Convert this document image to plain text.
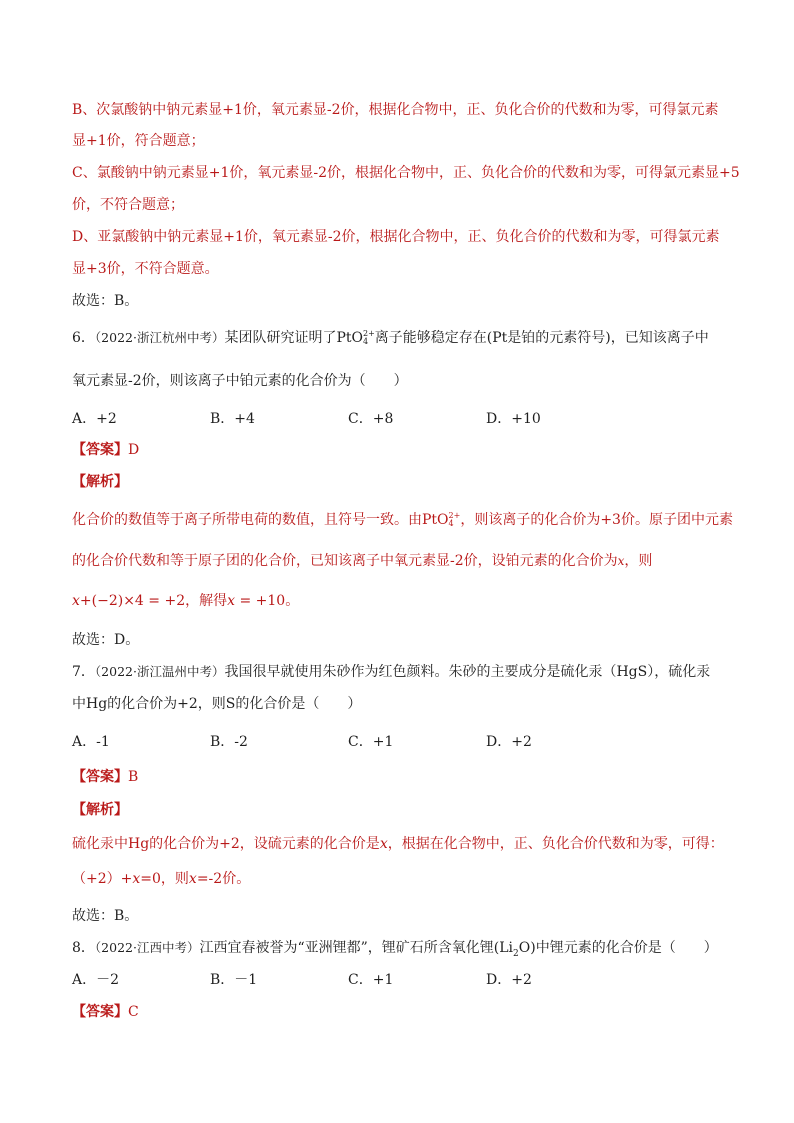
B、次氯酸钠中钠元素显+1价，氧元素显-2价，根据化合物中，正、负化合价的代数和为零，可得氯元素
显+1价，符合题意；
C、氯酸钠中钠元素显+1价，氧元素显-2价，根据化合物中，正、负化合价的代数和为零，可得氯元素显+5
价，不符合题意；
D、亚氯酸钠中钠元素显+1价，氧元素显-2价，根据化合物中，正、负化合价的代数和为零，可得氯元素
显+3价，不符合题意。
故选：B。
6．（2022·浙江杭州中考）某团队研究证明了PtO2+
4 离子能够稳定存在(Pt是铂的元素符号)，已知该离子中
氧元素显-2价，则该离子中铂元素的化合价为（　　）
A．+2	B．+4	C．+8	D．+10
【答案】D
【解析】
化合价的数值等于离子所带电荷的数值，且符号一致。由PtO2+
4 ，则该离子的化合价为+3价。原子团中元素
的化合价代数和等于原子团的化合价，已知该离子中氧元素显-2价，设铂元素的化合价为x，则
x+(−2)×4 = +2，解得x = +10。
故选：D。
7．（2022·浙江温州中考）我国很早就使用朱砂作为红色颜料。朱砂的主要成分是硫化汞（HgS），硫化汞
中Hg的化合价为+2，则S的化合价是（　　）
A．-1	B．-2	C．+1	D．+2
【答案】B
【解析】
硫化汞中Hg的化合价为+2，设硫元素的化合价是x，根据在化合物中，正、负化合价代数和为零，可得：
（+2）+x=0，则x=-2价。
故选：B。
8．（2022·江西中考）江西宜春被誉为“亚洲锂都”，锂矿石所含氧化锂$(Li_2O)$中锂元素的化合价是（　　）
A．－2	B．－1	C．+1	D．+2
【答案】C
